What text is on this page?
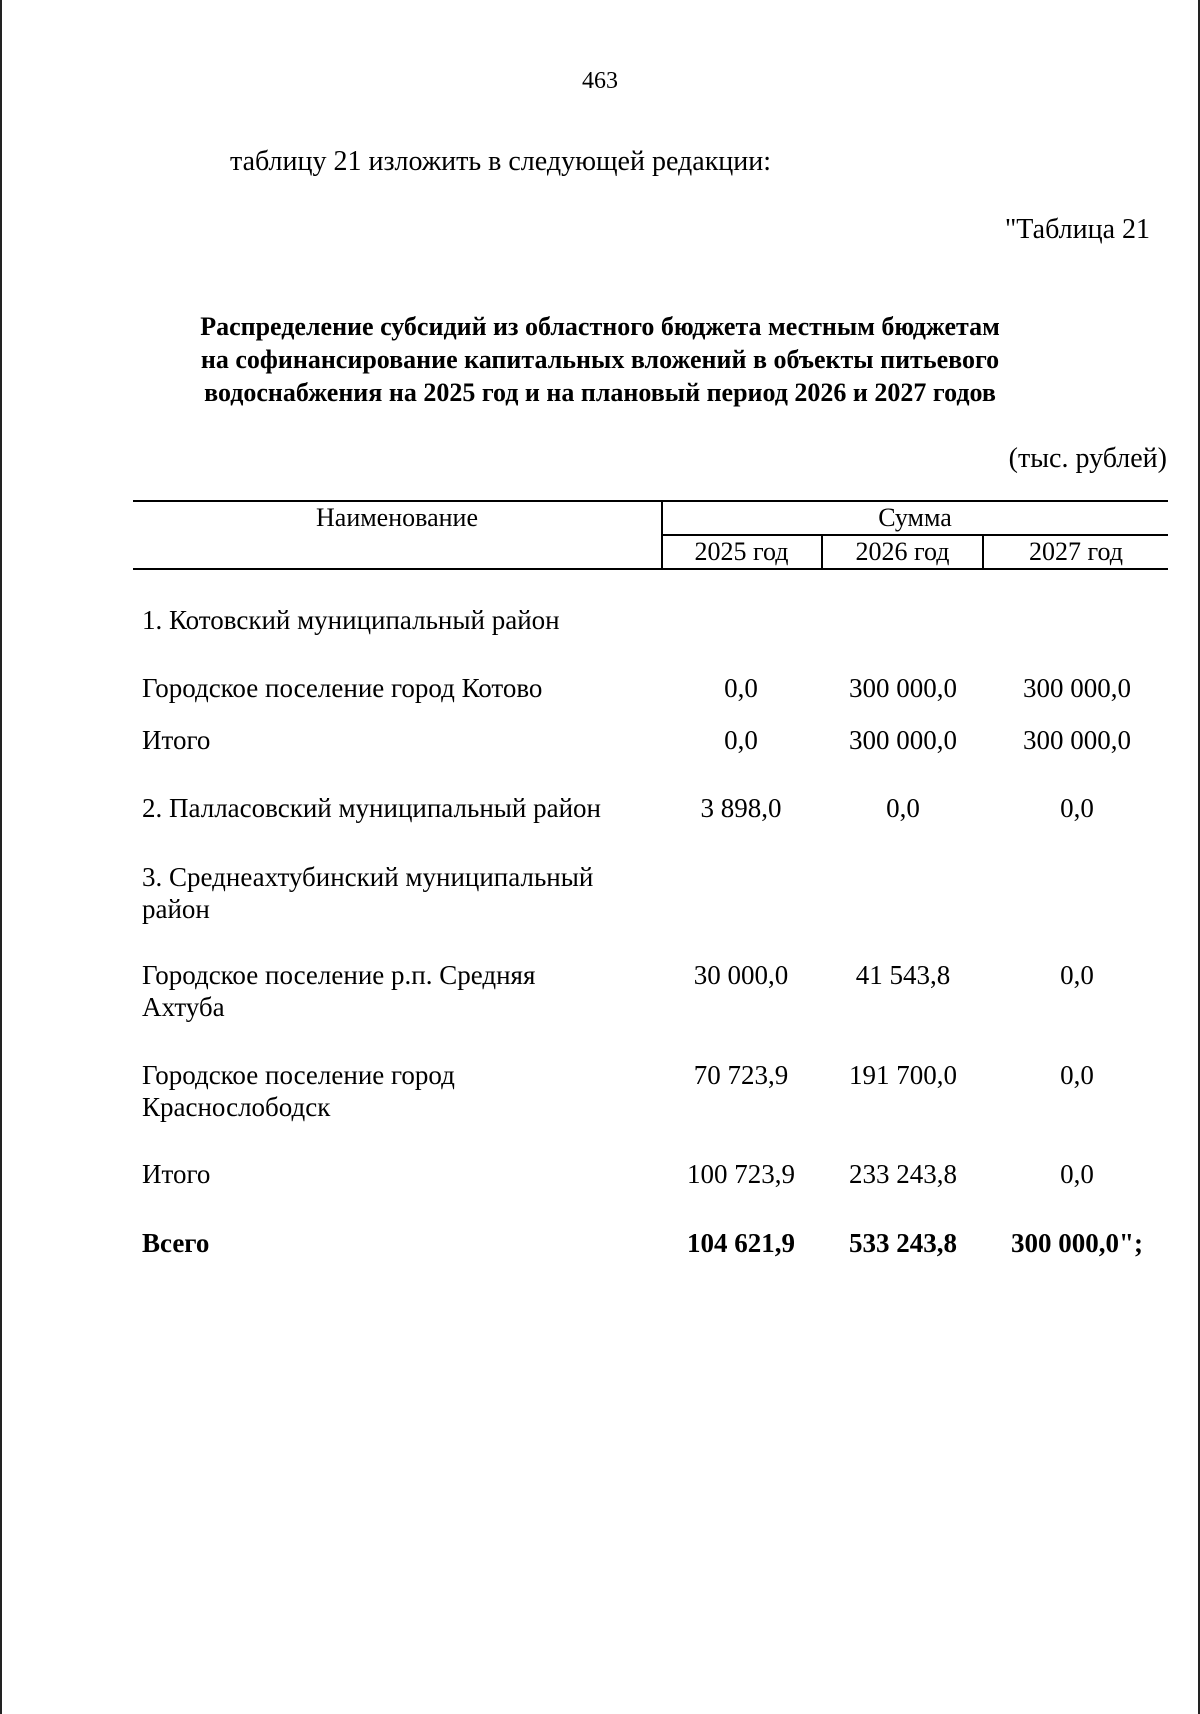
463
таблицу 21 изложить в следующей редакции:
"Таблица 21
Распределение субсидий из областного бюджета местным бюджетам
на софинансирование капитальных вложений в объекты питьевого
водоснабжения на 2025 год и на плановый период 2026 и 2027 годов
(тыс. рублей)
Наименование	Сумма
2025 год	2026 год	2027 год
1. Котовский муниципальный район
Городское поселение город Котово	0,0	300 000,0	300 000,0
Итого	0,0	300 000,0	300 000,0
2. Палласовский муниципальный район	3 898,0	0,0	0,0
3. Среднеахтубинский муниципальный
район
Городское поселение р.п. Средняя
Ахтуба
30 000,0	41 543,8	0,0
Городское поселение город
Краснослободск
70 723,9	191 700,0	0,0
Итого	100 723,9	233 243,8	0,0
Всего	104 621,9	533 243,8	300 000,0";
